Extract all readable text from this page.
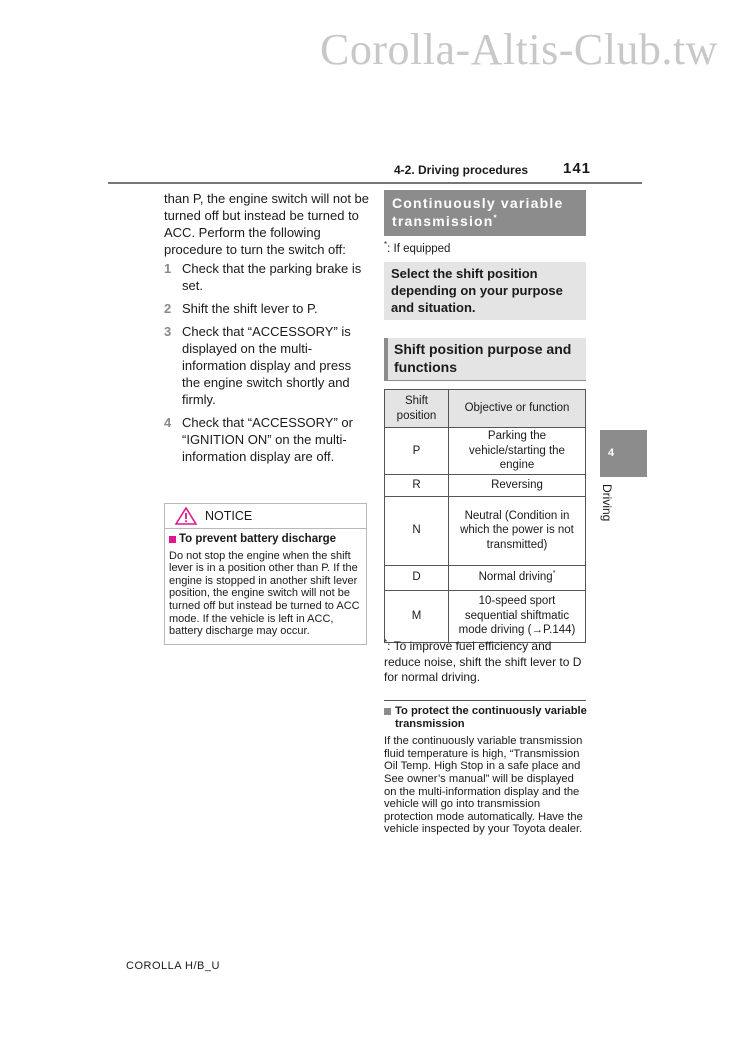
Corolla-Altis-Club.tw
4-2. Driving procedures 141

than P, the engine switch will not be turned off but instead be turned to ACC. Perform the following procedure to turn the switch off:

1 Check that the parking brake is set.
2 Shift the shift lever to P.
3 Check that “ACCESSORY” is displayed on the multi-information display and press the engine switch shortly and firmly.
4 Check that “ACCESSORY” or “IGNITION ON” on the multi-information display are off.
NOTICE
To prevent battery discharge
Do not stop the engine when the shift lever is in a position other than P. If the engine is stopped in another shift lever position, the engine switch will not be turned off but instead be turned to ACC mode. If the vehicle is left in ACC, battery discharge may occur.
Continuously variable transmission*
*: If equipped
Select the shift position depending on your purpose and situation.
Shift position purpose and functions
Shift position	Objective or function
P	Parking the vehicle/starting the engine
R	Reversing
N	Neutral (Condition in which the power is not transmitted)
D	Normal driving*
M	10-speed sport sequential shiftmatic mode driving (→P.144)
*: To improve fuel efficiency and reduce noise, shift the shift lever to D for normal driving.
To protect the continuously variable transmission
If the continuously variable transmission fluid temperature is high, “Transmission Oil Temp. High Stop in a safe place and See owner’s manual” will be displayed on the multi-information display and the vehicle will go into transmission protection mode automatically. Have the vehicle inspected by your Toyota dealer.
4
Driving
COROLLA H/B_U
